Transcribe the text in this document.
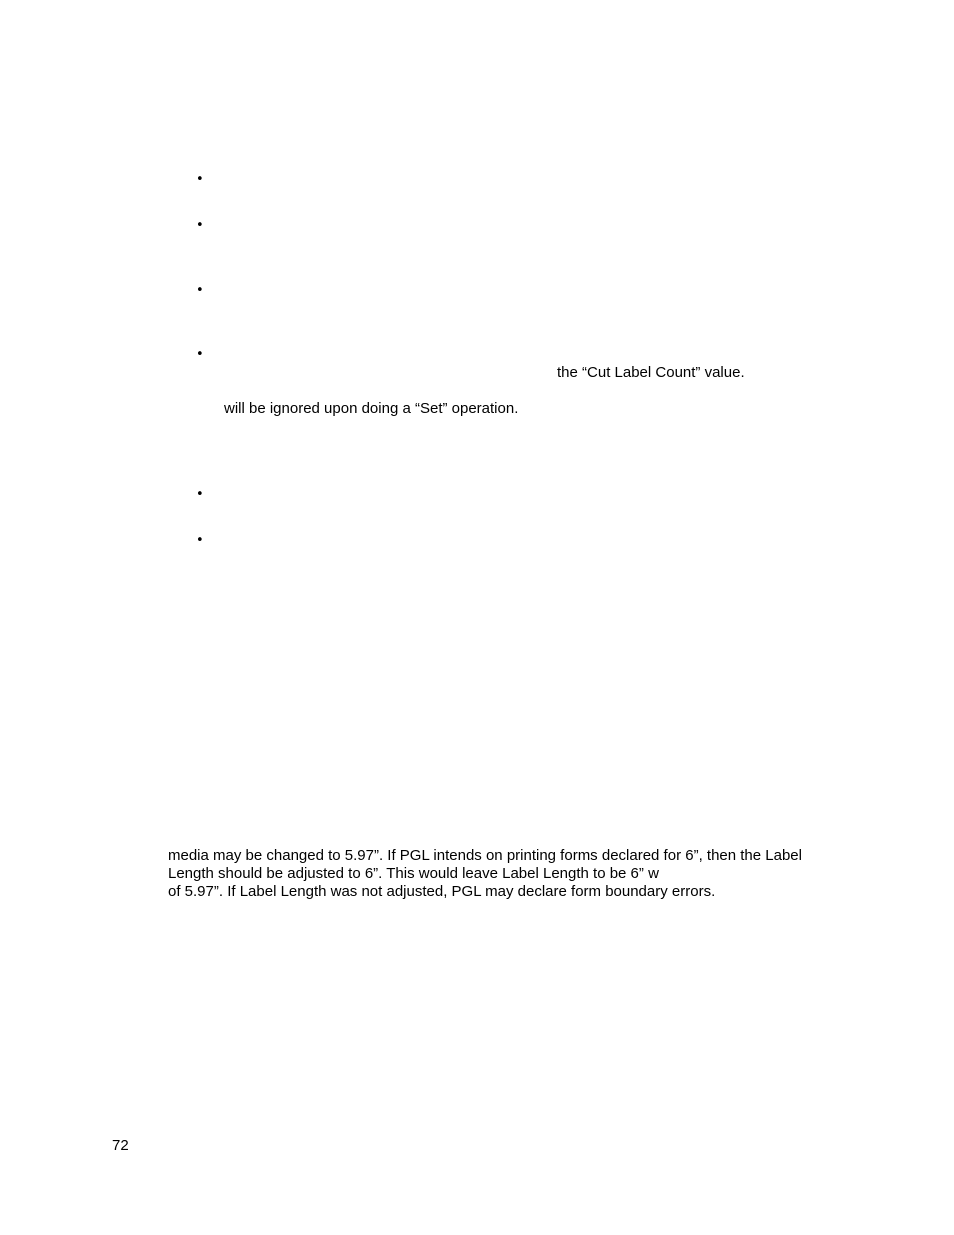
•
•
•
•
the “Cut Label Count” value.
will be ignored upon doing a “Set” operation.
•
•
media may be changed to 5.97”. If PGL intends on printing forms declared for 6”, then the Label
Length should be adjusted to 6”. This would leave Label Length to be 6” w
of 5.97”. If Label Length was not adjusted, PGL may declare form boundary errors.
72
